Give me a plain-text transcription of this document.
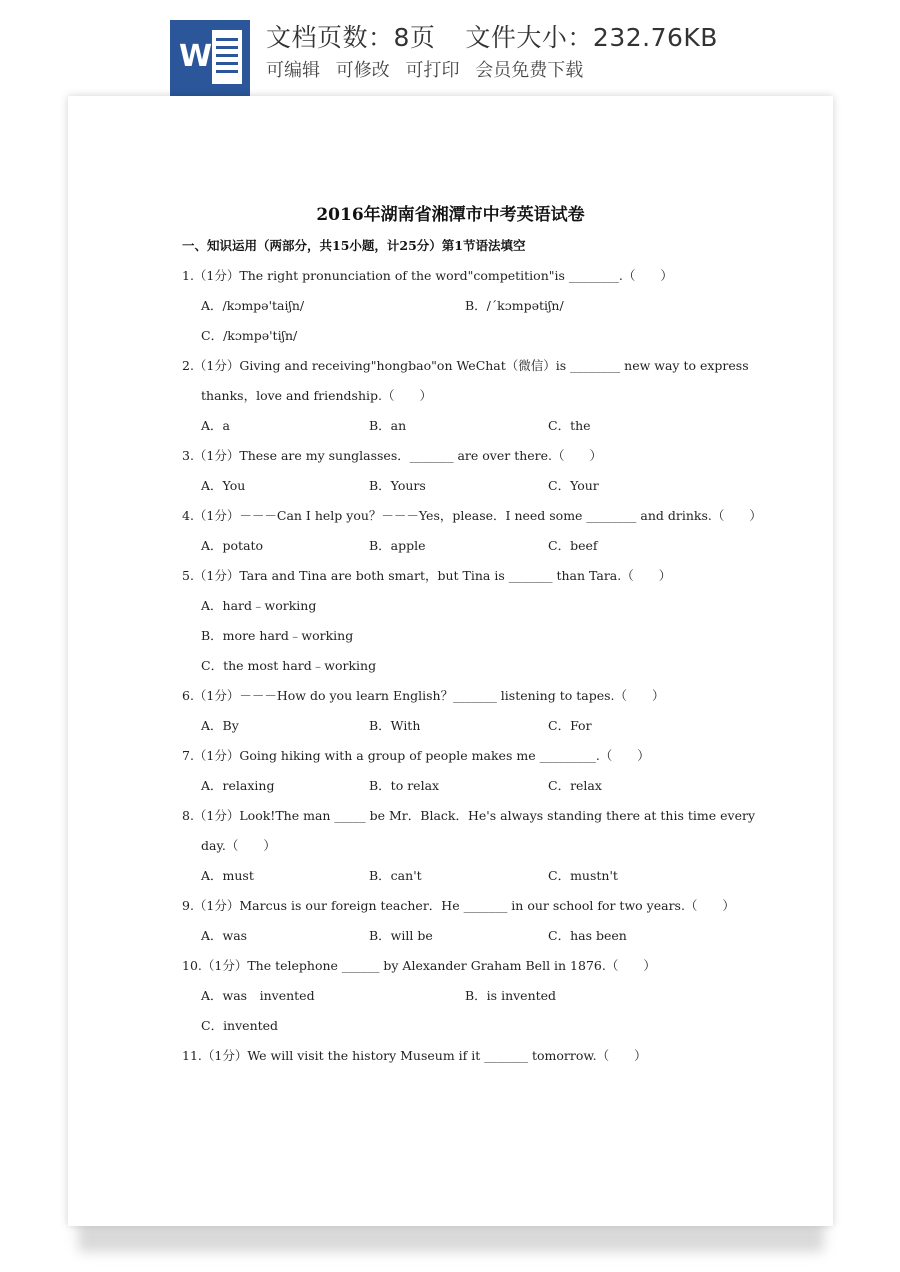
W
文档页数：8页 文件大小：232.76KB
可编辑 可修改 可打印 会员免费下载
2016年湖南省湘潭市中考英语试卷
一、知识运用（两部分，共15小题，计25分）第1节语法填空
1.（1分）The right pronunciation of the word"competition"is ________.（　　）
A．/kɔmpə'taiʃn/	B．/ˊkɔmpətiʃn/
C．/kɔmpə'tiʃn/
2.（1分）Giving and receiving"hongbao"on WeChat（微信）is ________ new way to express
thanks，love and friendship.（　　）
A．a	B．an	C．the
3.（1分）These are my sunglasses．_______ are over there.（　　）
A．You	B．Yours	C．Your
4.（1分）－－－Can I help you？－－－Yes，please．I need some ________ and drinks.（　　）
A．potato	B．apple	C．beef
5.（1分）Tara and Tina are both smart，but Tina is _______ than Tara.（　　）
A．hard﹣working
B．more hard﹣working
C．the most hard﹣working
6.（1分）－－－How do you learn English？_______ listening to tapes.（　　）
A．By	B．With	C．For
7.（1分）Going hiking with a group of people makes me _________.（　　）
A．relaxing	B．to relax	C．relax
8.（1分）Look!The man _____ be Mr．Black．He's always standing there at this time every
day.（　　）
A．must	B．can't	C．mustn't
9.（1分）Marcus is our foreign teacher．He _______ in our school for two years.（　　）
A．was	B．will be	C．has been
10.（1分）The telephone ______ by Alexander Graham Bell in 1876.（　　）
A．was　invented	B．is invented
C．invented
11.（1分）We will visit the history Museum if it _______ tomorrow.（　　）
